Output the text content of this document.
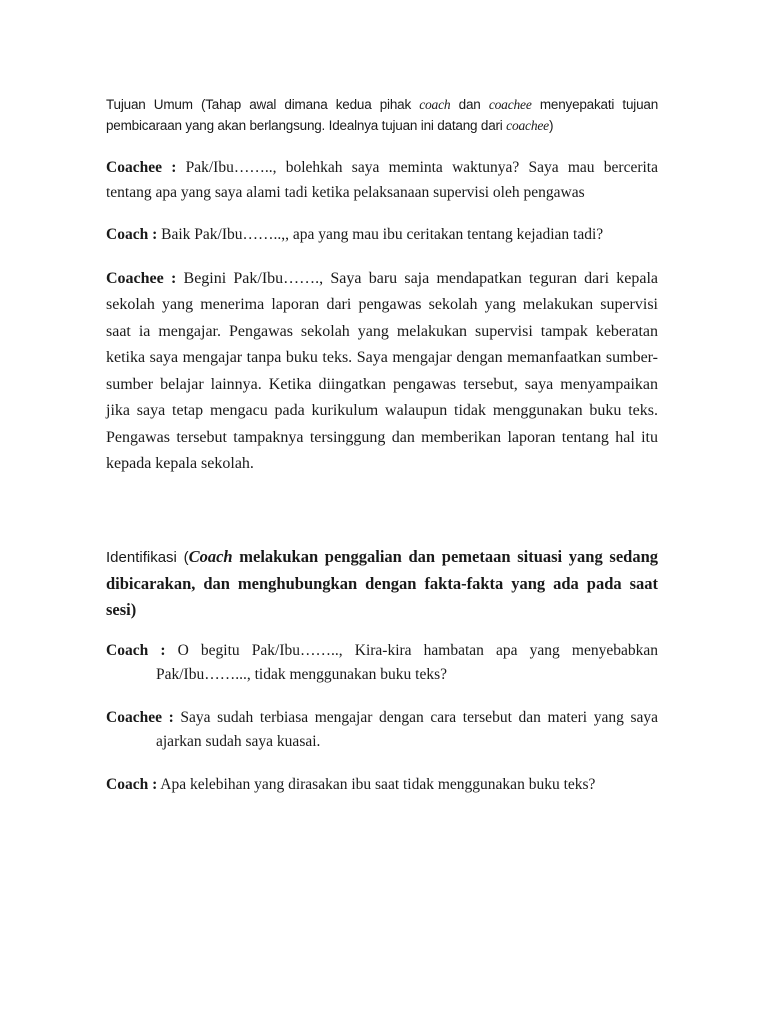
Tujuan Umum (Tahap awal dimana kedua pihak coach dan coachee menyepakati tujuan pembicaraan yang akan berlangsung. Idealnya tujuan ini datang dari coachee)

Coachee : Pak/Ibu…….., bolehkah saya meminta waktunya? Saya mau bercerita tentang apa yang saya alami tadi ketika pelaksanaan supervisi oleh pengawas

Coach : Baik Pak/Ibu……..,, apa yang mau ibu ceritakan tentang kejadian tadi?

Coachee : Begini Pak/Ibu……., Saya baru saja mendapatkan teguran dari kepala sekolah yang menerima laporan dari pengawas sekolah yang melakukan supervisi saat ia mengajar. Pengawas sekolah yang melakukan supervisi tampak keberatan ketika saya mengajar tanpa buku teks. Saya mengajar dengan memanfaatkan sumber-sumber belajar lainnya. Ketika diingatkan pengawas tersebut, saya menyampaikan jika saya tetap mengacu pada kurikulum walaupun tidak menggunakan buku teks. Pengawas tersebut tampaknya tersinggung dan memberikan laporan tentang hal itu kepada kepala sekolah.

Identifikasi (Coach melakukan penggalian dan pemetaan situasi yang sedang dibicarakan, dan menghubungkan dengan fakta-fakta yang ada pada saat sesi)

Coach : O begitu Pak/Ibu…….., Kira-kira hambatan apa yang menyebabkan Pak/Ibu……..., tidak menggunakan buku teks?

Coachee : Saya sudah terbiasa mengajar dengan cara tersebut dan materi yang saya ajarkan sudah saya kuasai.

Coach : Apa kelebihan yang dirasakan ibu saat tidak menggunakan buku teks?
